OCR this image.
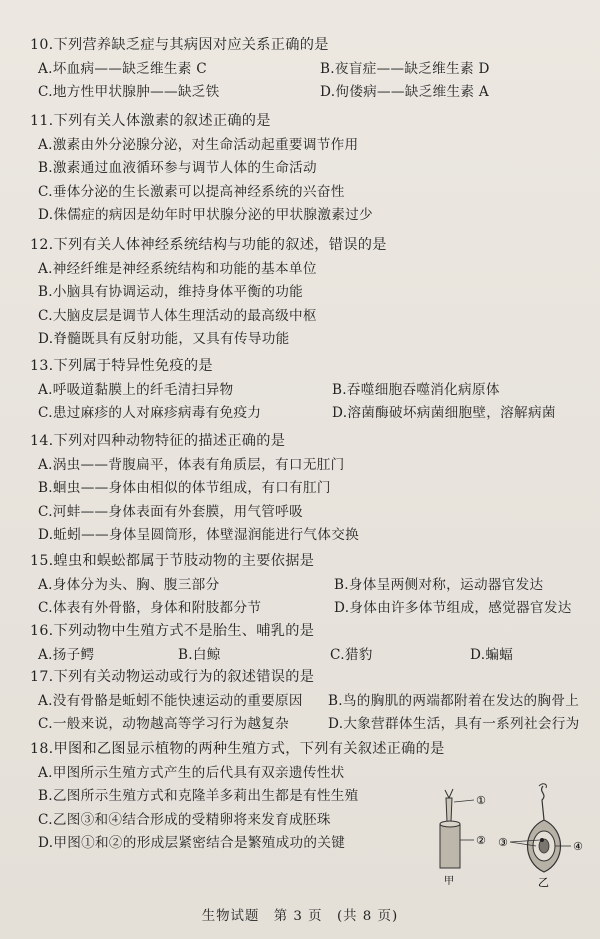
10.下列营养缺乏症与其病因对应关系正确的是
A.坏血病——缺乏维生素 C	B.夜盲症——缺乏维生素 D
C.地方性甲状腺肿——缺乏铁	D.佝偻病——缺乏维生素 A
11.下列有关人体激素的叙述正确的是
A.激素由外分泌腺分泌，对生命活动起重要调节作用
B.激素通过血液循环参与调节人体的生命活动
C.垂体分泌的生长激素可以提高神经系统的兴奋性
D.侏儒症的病因是幼年时甲状腺分泌的甲状腺激素过少
12.下列有关人体神经系统结构与功能的叙述，错误的是
A.神经纤维是神经系统结构和功能的基本单位
B.小脑具有协调运动，维持身体平衡的功能
C.大脑皮层是调节人体生理活动的最高级中枢
D.脊髓既具有反射功能，又具有传导功能
13.下列属于特异性免疫的是
A.呼吸道黏膜上的纤毛清扫异物	B.吞噬细胞吞噬消化病原体
C.患过麻疹的人对麻疹病毒有免疫力	D.溶菌酶破坏病菌细胞壁，溶解病菌
14.下列对四种动物特征的描述正确的是
A.涡虫——背腹扁平，体表有角质层，有口无肛门
B.蛔虫——身体由相似的体节组成，有口有肛门
C.河蚌——身体表面有外套膜，用气管呼吸
D.蚯蚓——身体呈圆筒形，体壁湿润能进行气体交换
15.蝗虫和蜈蚣都属于节肢动物的主要依据是
A.身体分为头、胸、腹三部分	B.身体呈两侧对称，运动器官发达
C.体表有外骨骼，身体和附肢都分节	D.身体由许多体节组成，感觉器官发达
16.下列动物中生殖方式不是胎生、哺乳的是
A.扬子鳄	B.白鲸	C.猎豹	D.蝙蝠
17.下列有关动物运动或行为的叙述错误的是
A.没有骨骼是蚯蚓不能快速运动的重要原因 B.鸟的胸肌的两端都附着在发达的胸骨上
C.一般来说，动物越高等学习行为越复杂	D.大象营群体生活，具有一系列社会行为
18.甲图和乙图显示植物的两种生殖方式，下列有关叙述正确的是
A.甲图所示生殖方式产生的后代具有双亲遗传性状
B.乙图所示生殖方式和克隆羊多莉出生都是有性生殖
C.乙图③和④结合形成的受精卵将来发育成胚珠
D.甲图①和②的形成层紧密结合是繁殖成功的关键
①
②
甲
③	④
乙
生物试题　第 3 页　(共 8 页)
